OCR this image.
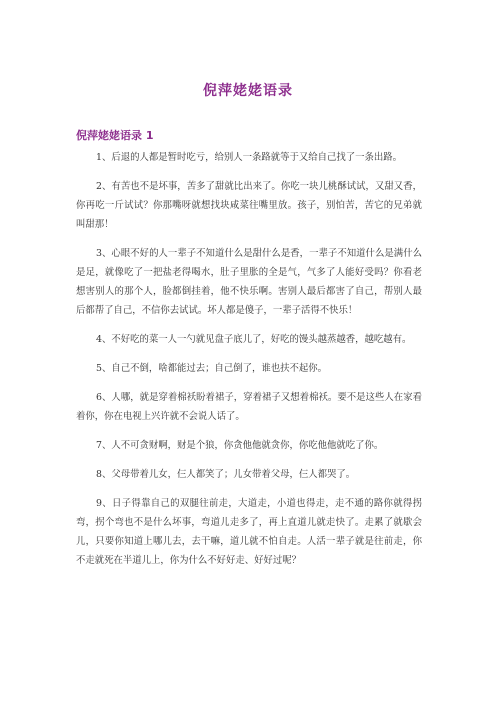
倪萍姥姥语录
倪萍姥姥语录 1

1、后退的人都是暂时吃亏，给别人一条路就等于又给自己找了一条出路。

2、有苦也不是坏事，苦多了甜就比出来了。你吃一块儿桃酥试试，又甜又香，你再吃一斤试试？你那嘴呀就想找块咸菜往嘴里放。孩子，别怕苦，苦它的兄弟就叫甜那！

3、心眼不好的人一辈子不知道什么是甜什么是香，一辈子不知道什么是满什么是足，就像吃了一把盐老得喝水，肚子里胀的全是气，气多了人能好受吗？你看老想害别人的那个人，脸都倒挂着，他不快乐啊。害别人最后都害了自己，帮别人最后都帮了自己，不信你去试试。坏人都是傻子，一辈子活得不快乐！

4、不好吃的菜一人一勺就见盘子底儿了，好吃的馒头越蒸越香，越吃越有。

5、自己不倒，啥都能过去；自己倒了，谁也扶不起你。

6、人哪，就是穿着棉袄盼着裙子，穿着裙子又想着棉袄。要不是这些人在家看着你，你在电视上兴许就不会说人话了。

7、人不可贪财啊，财是个狼，你贪他他就贪你，你吃他他就吃了你。

8、父母带着儿女，仨人都笑了；儿女带着父母，仨人都哭了。

9、日子得靠自己的双腿往前走，大道走，小道也得走，走不通的路你就得拐弯，拐个弯也不是什么坏事，弯道儿走多了，再上直道儿就走快了。走累了就歇会儿，只要你知道上哪儿去，去干嘛，道儿就不怕自走。人活一辈子就是往前走，你不走就死在半道儿上，你为什么不好好走、好好过呢？
